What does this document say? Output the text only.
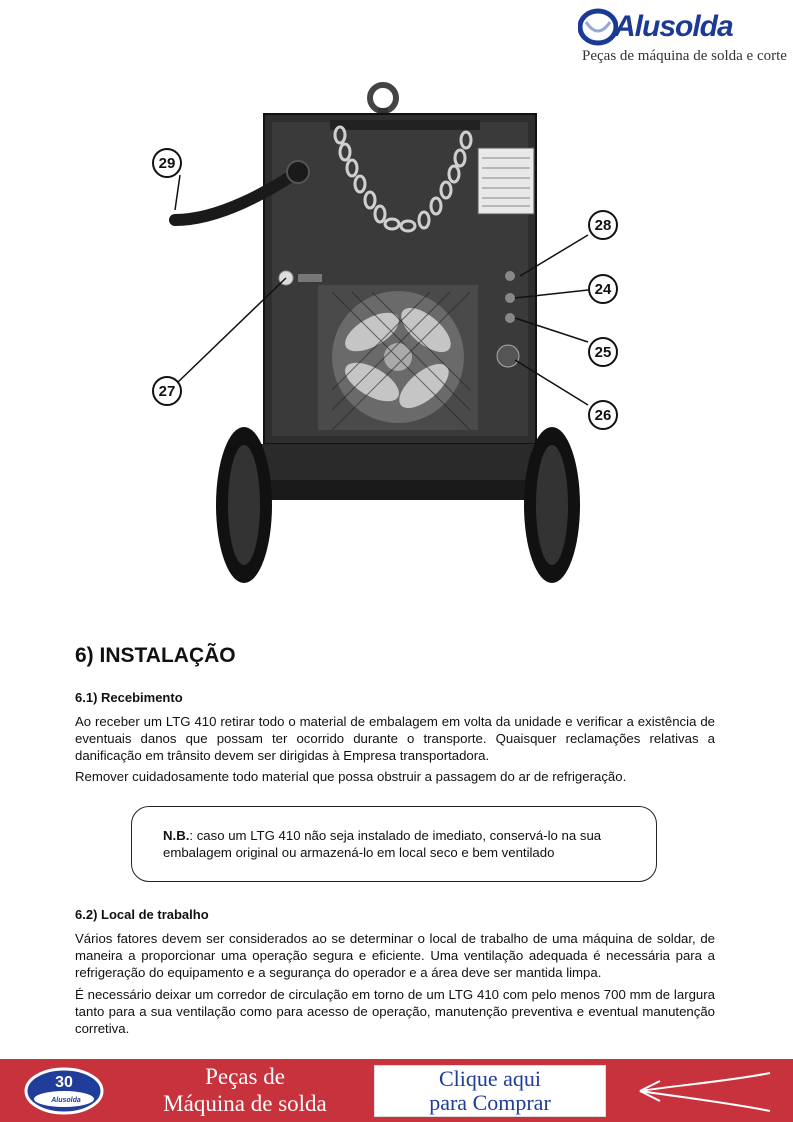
Alusolda
Peças de máquina de solda e corte
29
28
24
25
27
26
6) INSTALAÇÃO
6.1) Recebimento

Ao receber um LTG 410 retirar todo o material de embalagem em volta da unidade e verificar a existência de eventuais danos que possam ter ocorrido durante o transporte. Quaisquer reclamações relativas a danificação em trânsito devem ser dirigidas à Empresa transportadora.

Remover cuidadosamente todo material que possa obstruir a passagem do ar de refrigeração.

N.B.: caso um LTG 410 não seja instalado de imediato, conservá-lo na sua embalagem original ou armazená-lo em local seco e bem ventilado

6.2) Local de trabalho

Vários fatores devem ser considerados ao se determinar o local de trabalho de uma máquina de soldar, de maneira a proporcionar uma operação segura e eficiente. Uma ventilação adequada é necessária para a refrigeração do equipamento e a segurança do operador e a área deve ser mantida limpa.

É necessário deixar um corredor de circulação em torno de um LTG 410 com pelo menos 700 mm de largura tanto para a sua ventilação como para acesso de operação, manutenção preventiva e eventual manutenção corretiva.

30
ANOS
Alusolda
Peças de
Máquina de solda
Clique aqui
para Comprar
